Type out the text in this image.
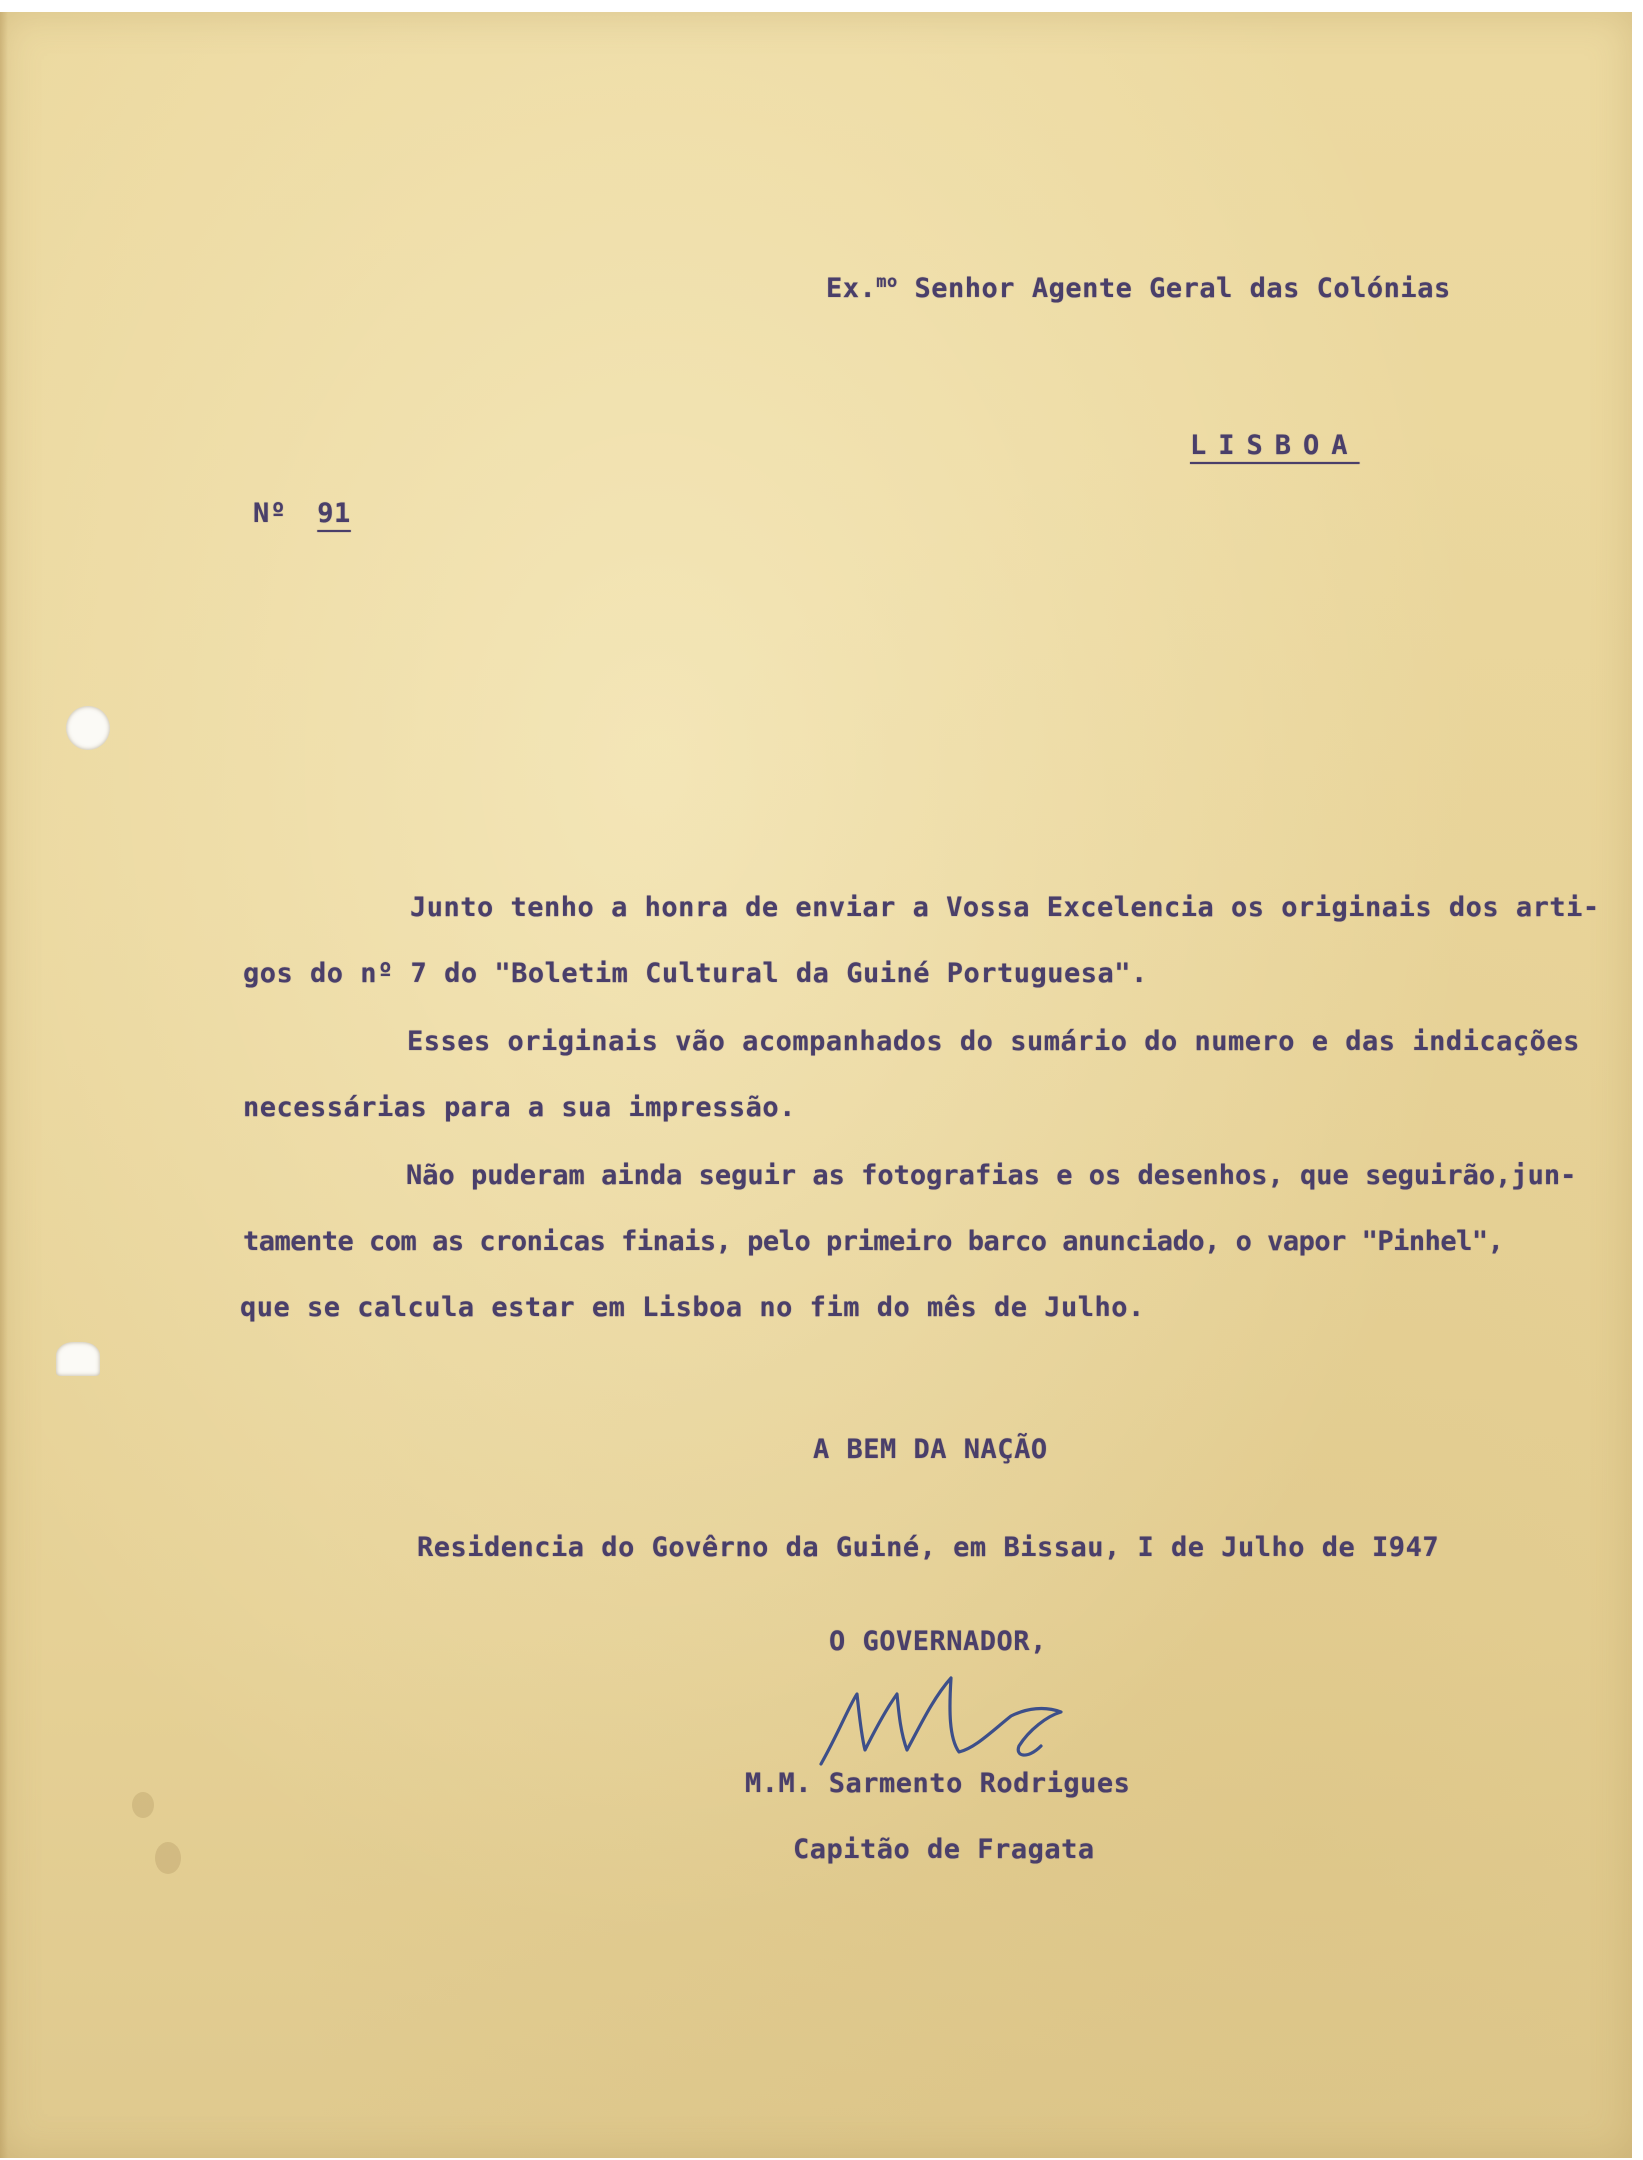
Ex.$^{mo}$ Senhor Agente Geral das Colónias
LISBOA
Nº 91
Junto tenho a honra de enviar a Vossa Excelencia os originais dos arti-
gos do nº 7 do "Boletim Cultural da Guiné Portuguesa".
Esses originais vão acompanhados do sumário do numero e das indicações
necessárias para a sua impressão.
Não puderam ainda seguir as fotografias e os desenhos, que seguirão,jun-
tamente com as cronicas finais, pelo primeiro barco anunciado, o vapor "Pinhel",
que se calcula estar em Lisboa no fim do mês de Julho.
A BEM DA NAÇÃO
Residencia do Govêrno da Guiné, em Bissau, I de Julho de I947
O GOVERNADOR,
M.M. Sarmento Rodrigues
Capitão de Fragata
